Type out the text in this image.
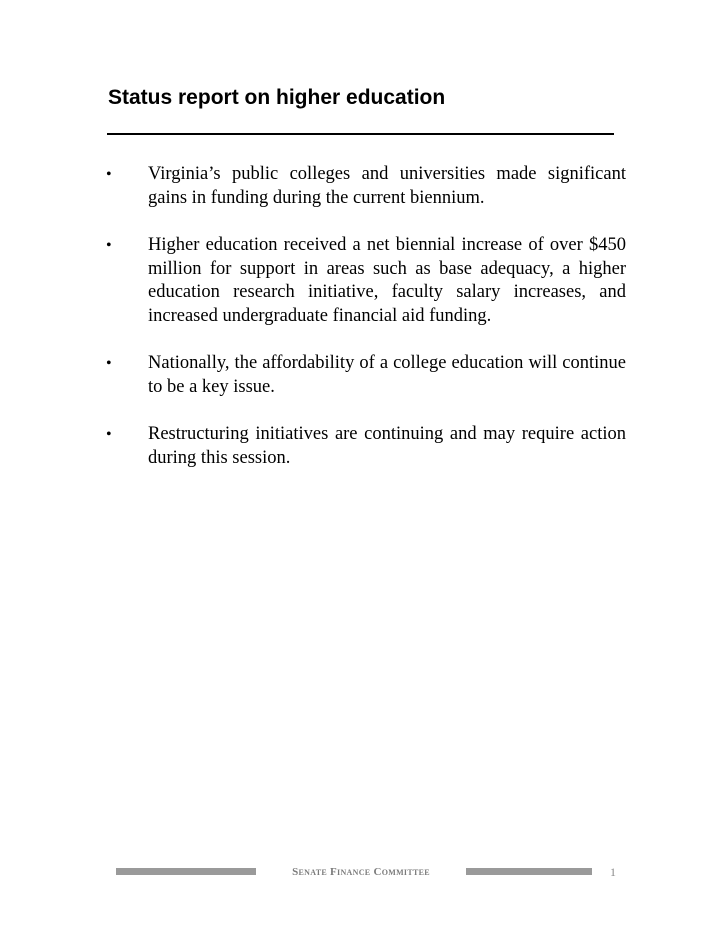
Status report on higher education
•	Virginia’s public colleges and universities made significant gains in funding during the current biennium.
•	Higher education received a net biennial increase of over $450 million for support in areas such as base adequacy, a higher education research initiative, faculty salary increases, and increased undergraduate financial aid funding.
•	Nationally, the affordability of a college education will continue to be a key issue.
•	Restructuring initiatives are continuing and may require action during this session.
Senate Finance Committee	1
